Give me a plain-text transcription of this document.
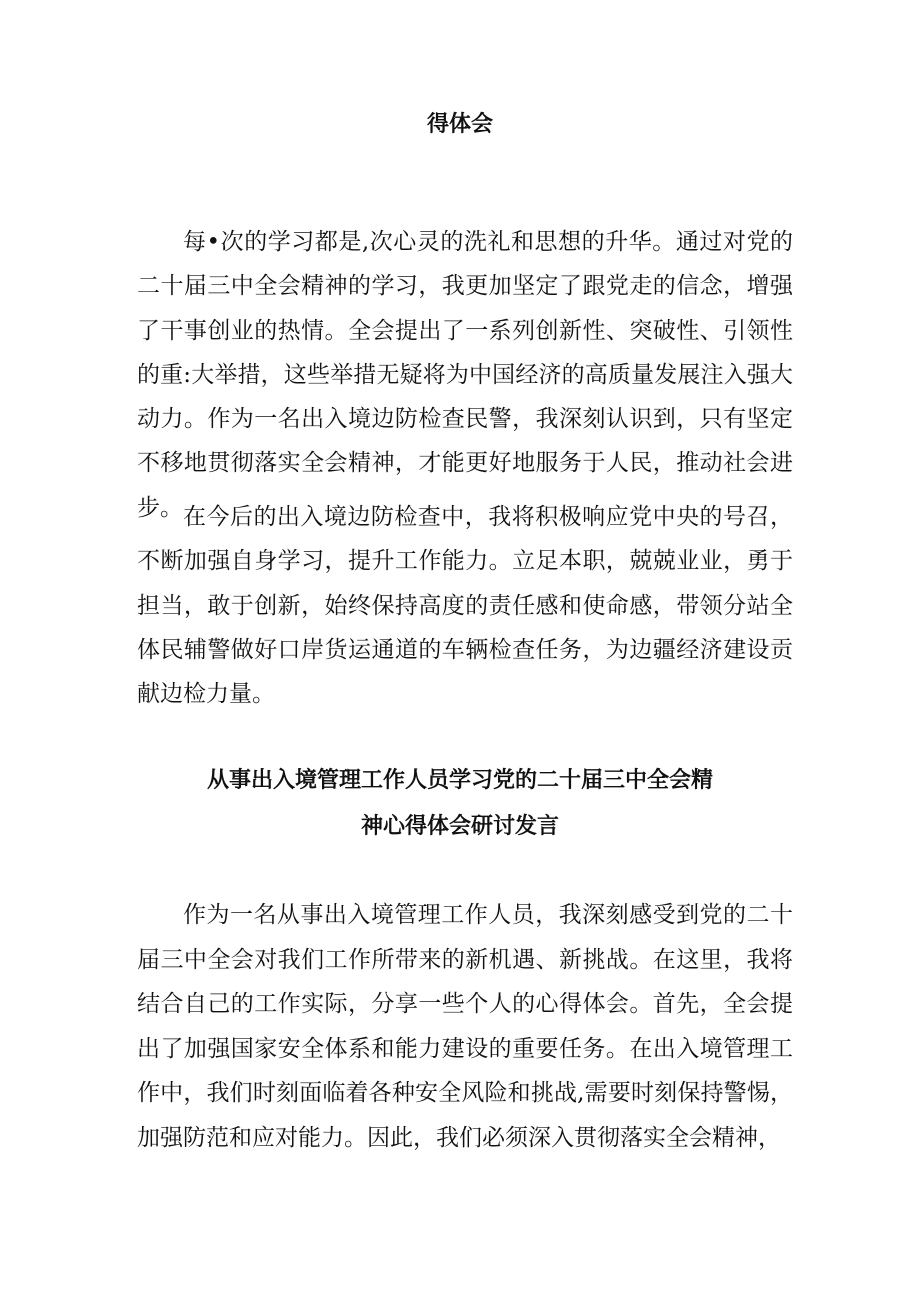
得体会

每•次的学习都是,次心灵的洗礼和思想的升华。通过对党的二十届三中全会精神的学习，我更加坚定了跟党走的信念，增强了干事创业的热情。全会提出了一系列创新性、突破性、引领性的重:大举措，这些举措无疑将为中国经济的高质量发展注入强大动力。作为一名出入境边防检查民警，我深刻认识到，只有坚定不移地贯彻落实全会精神，才能更好地服务于人民，推动社会进步。 在今后的出入境边防检查中，我将积极响应党中央的号召，不断加强自身学习，提升工作能力。立足本职，兢兢业业，勇于担当，敢于创新，始终保持高度的责任感和使命感，带领分站全体民辅警做好口岸货运通道的车辆检查任务，为边疆经济建设贡献边检力量。

从事出入境管理工作人员学习党的二十届三中全会精
神心得体会研讨发言

作为一名从事出入境管理工作人员，我深刻感受到党的二十届三中全会对我们工作所带来的新机遇、新挑战。在这里，我将结合自己的工作实际，分享一些个人的心得体会。首先，全会提出了加强国家安全体系和能力建设的重要任务。在出入境管理工作中，我们时刻面临着各种安全风险和挑战,需要时刻保持警惕，加强防范和应对能力。因此，我们必须深入贯彻落实全会精神，
